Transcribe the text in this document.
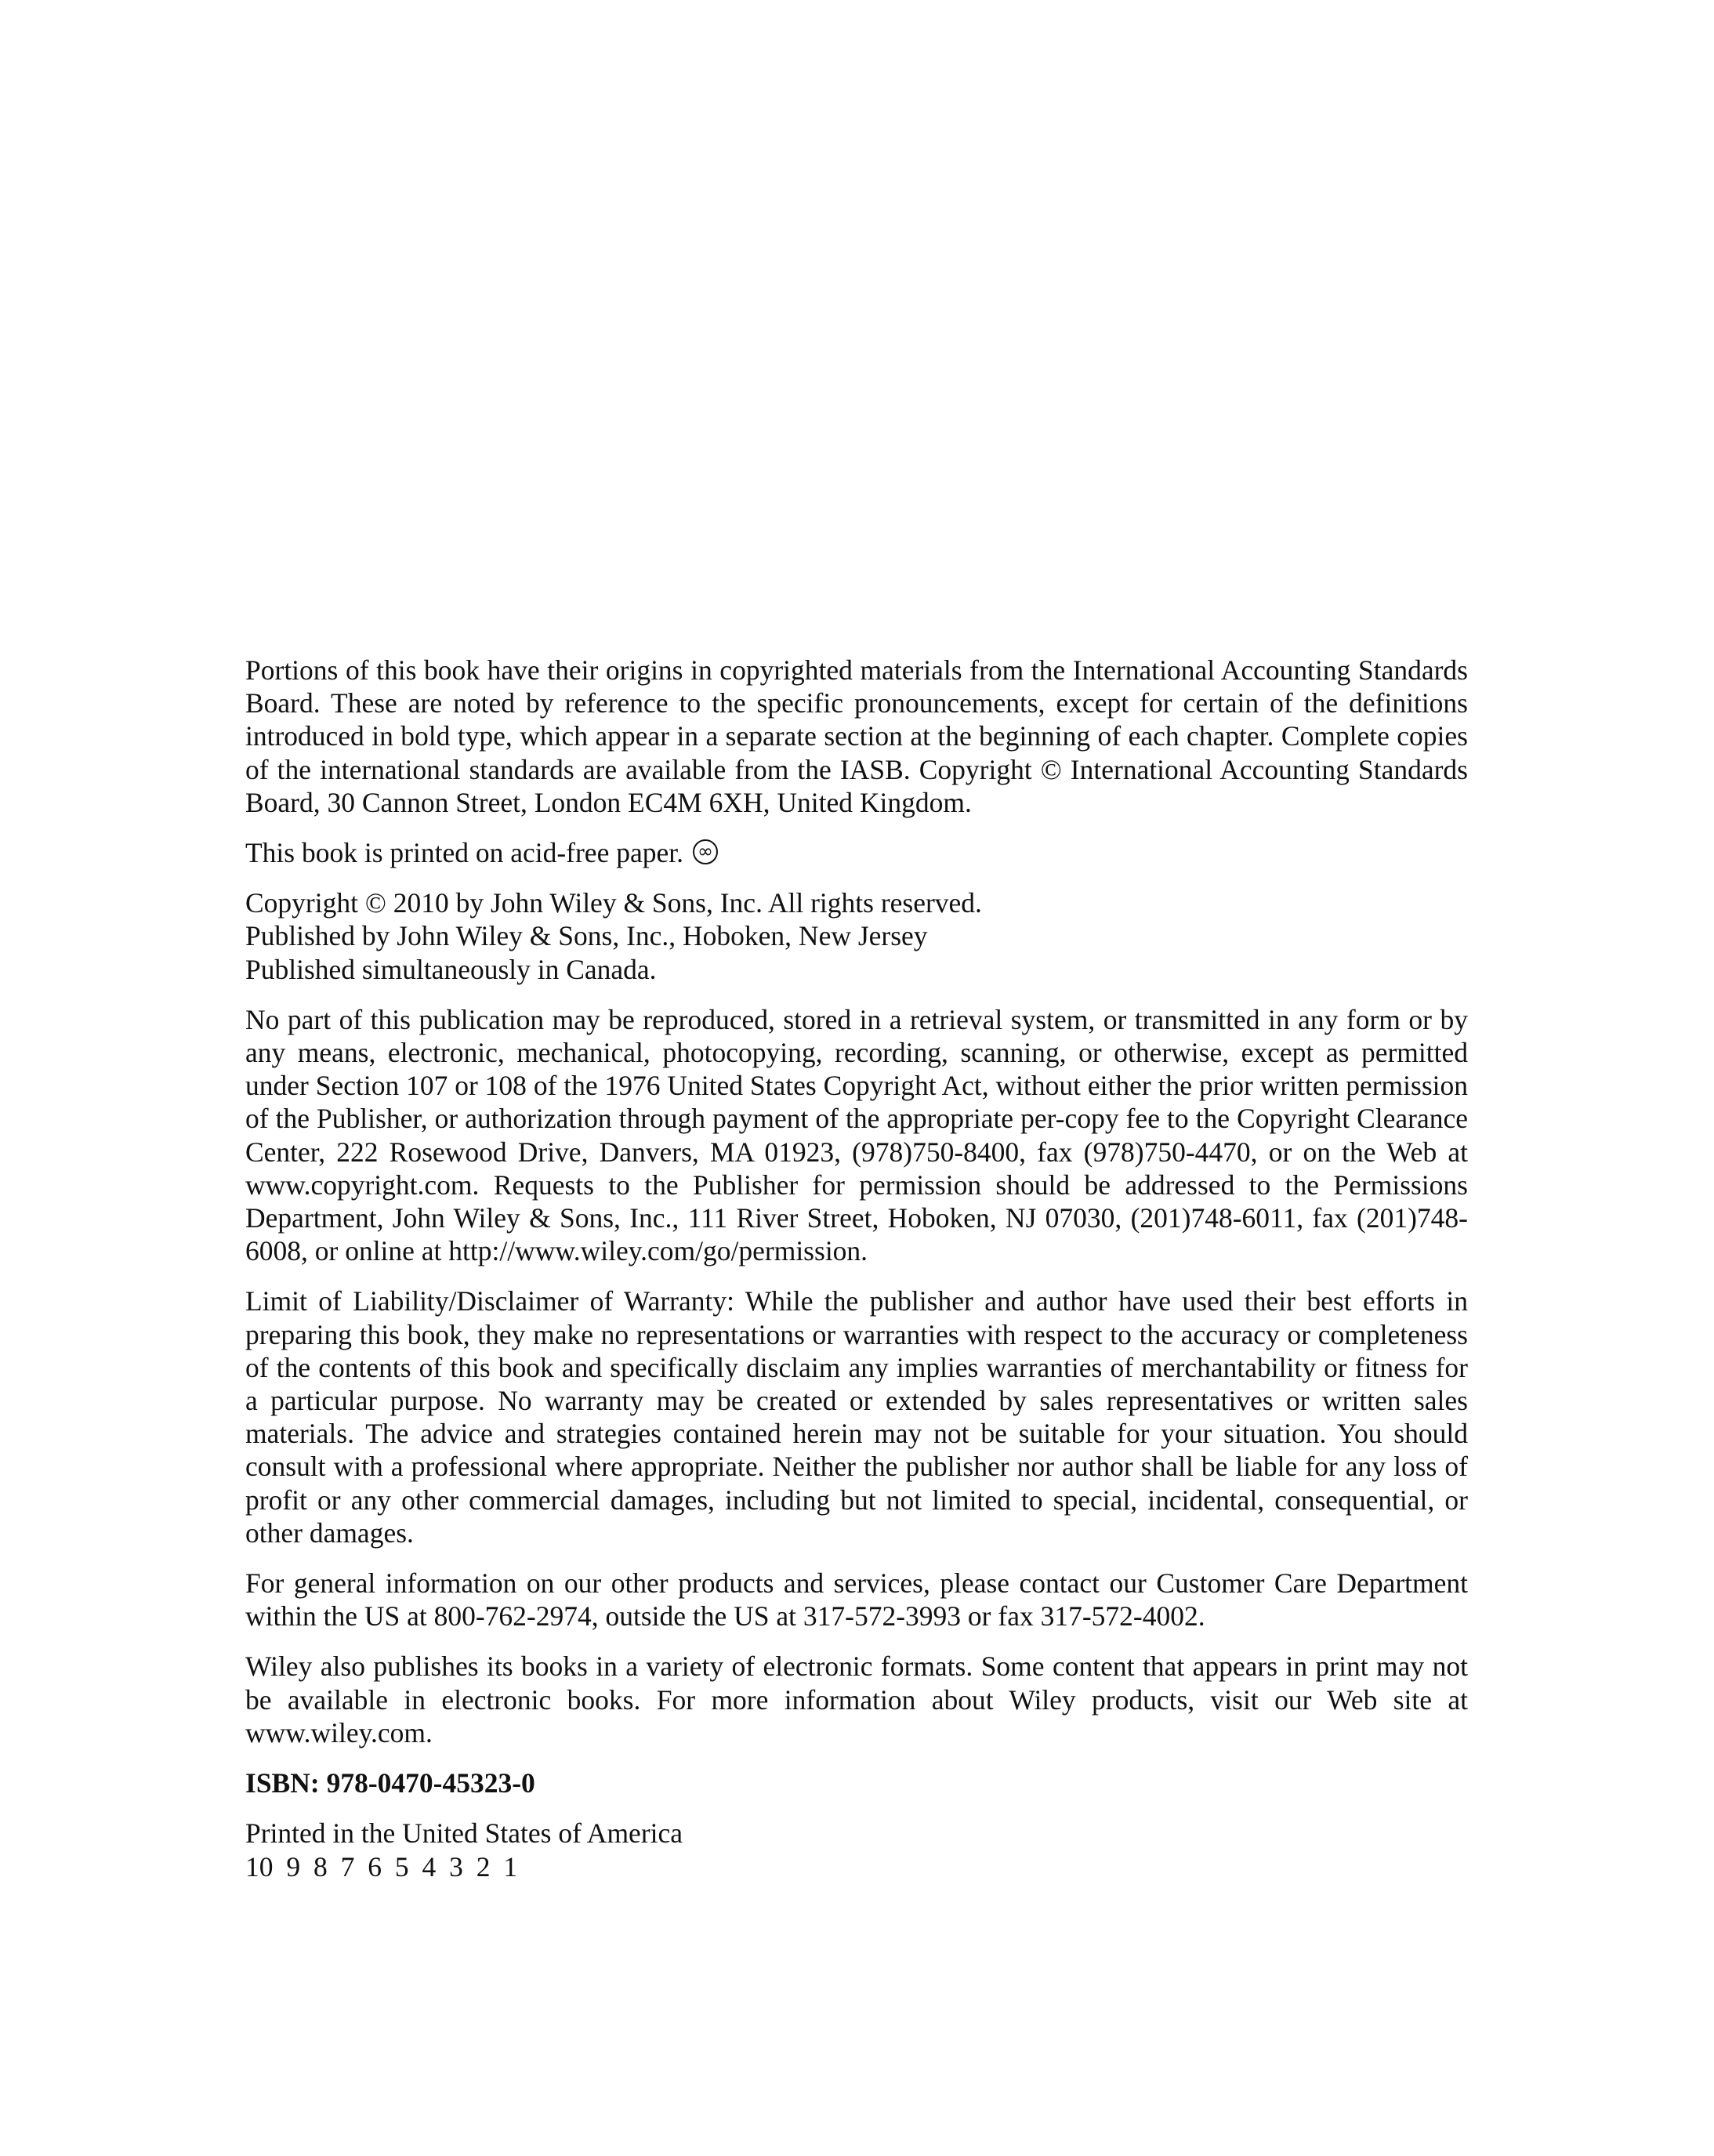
Portions of this book have their origins in copyrighted materials from the International Accounting Standards Board. These are noted by reference to the specific pronouncements, except for certain of the definitions introduced in bold type, which appear in a separate section at the beginning of each chapter. Complete copies of the international standards are available from the IASB. Copyright © International Accounting Standards Board, 30 Cannon Street, London EC4M 6XH, United Kingdom.

This book is printed on acid-free paper. ∞

Copyright © 2010 by John Wiley & Sons, Inc. All rights reserved.
Published by John Wiley & Sons, Inc., Hoboken, New Jersey
Published simultaneously in Canada.

No part of this publication may be reproduced, stored in a retrieval system, or transmitted in any form or by any means, electronic, mechanical, photocopying, recording, scanning, or otherwise, except as permitted under Section 107 or 108 of the 1976 United States Copyright Act, without either the prior written permission of the Publisher, or authorization through payment of the appropriate per-copy fee to the Copyright Clearance Center, 222 Rosewood Drive, Danvers, MA 01923, (978)750-8400, fax (978)750-4470, or on the Web at www.copyright.com. Requests to the Publisher for permission should be addressed to the Permissions Department, John Wiley & Sons, Inc., 111 River Street, Hoboken, NJ 07030, (201)748-6011, fax (201)748-6008, or online at http://www.wiley.com/go/permission.

Limit of Liability/Disclaimer of Warranty: While the publisher and author have used their best efforts in preparing this book, they make no representations or warranties with respect to the accuracy or completeness of the contents of this book and specifically disclaim any implies warranties of merchantability or fitness for a particular purpose. No warranty may be created or extended by sales representatives or written sales materials. The advice and strategies contained herein may not be suitable for your situation. You should consult with a professional where appropriate. Neither the publisher nor author shall be liable for any loss of profit or any other commercial damages, including but not limited to special, incidental, consequential, or other damages.

For general information on our other products and services, please contact our Customer Care Department within the US at 800-762-2974, outside the US at 317-572-3993 or fax 317-572-4002.

Wiley also publishes its books in a variety of electronic formats. Some content that appears in print may not be available in electronic books. For more information about Wiley products, visit our Web site at www.wiley.com.

ISBN: 978-0470-45323-0

Printed in the United States of America
10 9 8 7 6 5 4 3 2 1
